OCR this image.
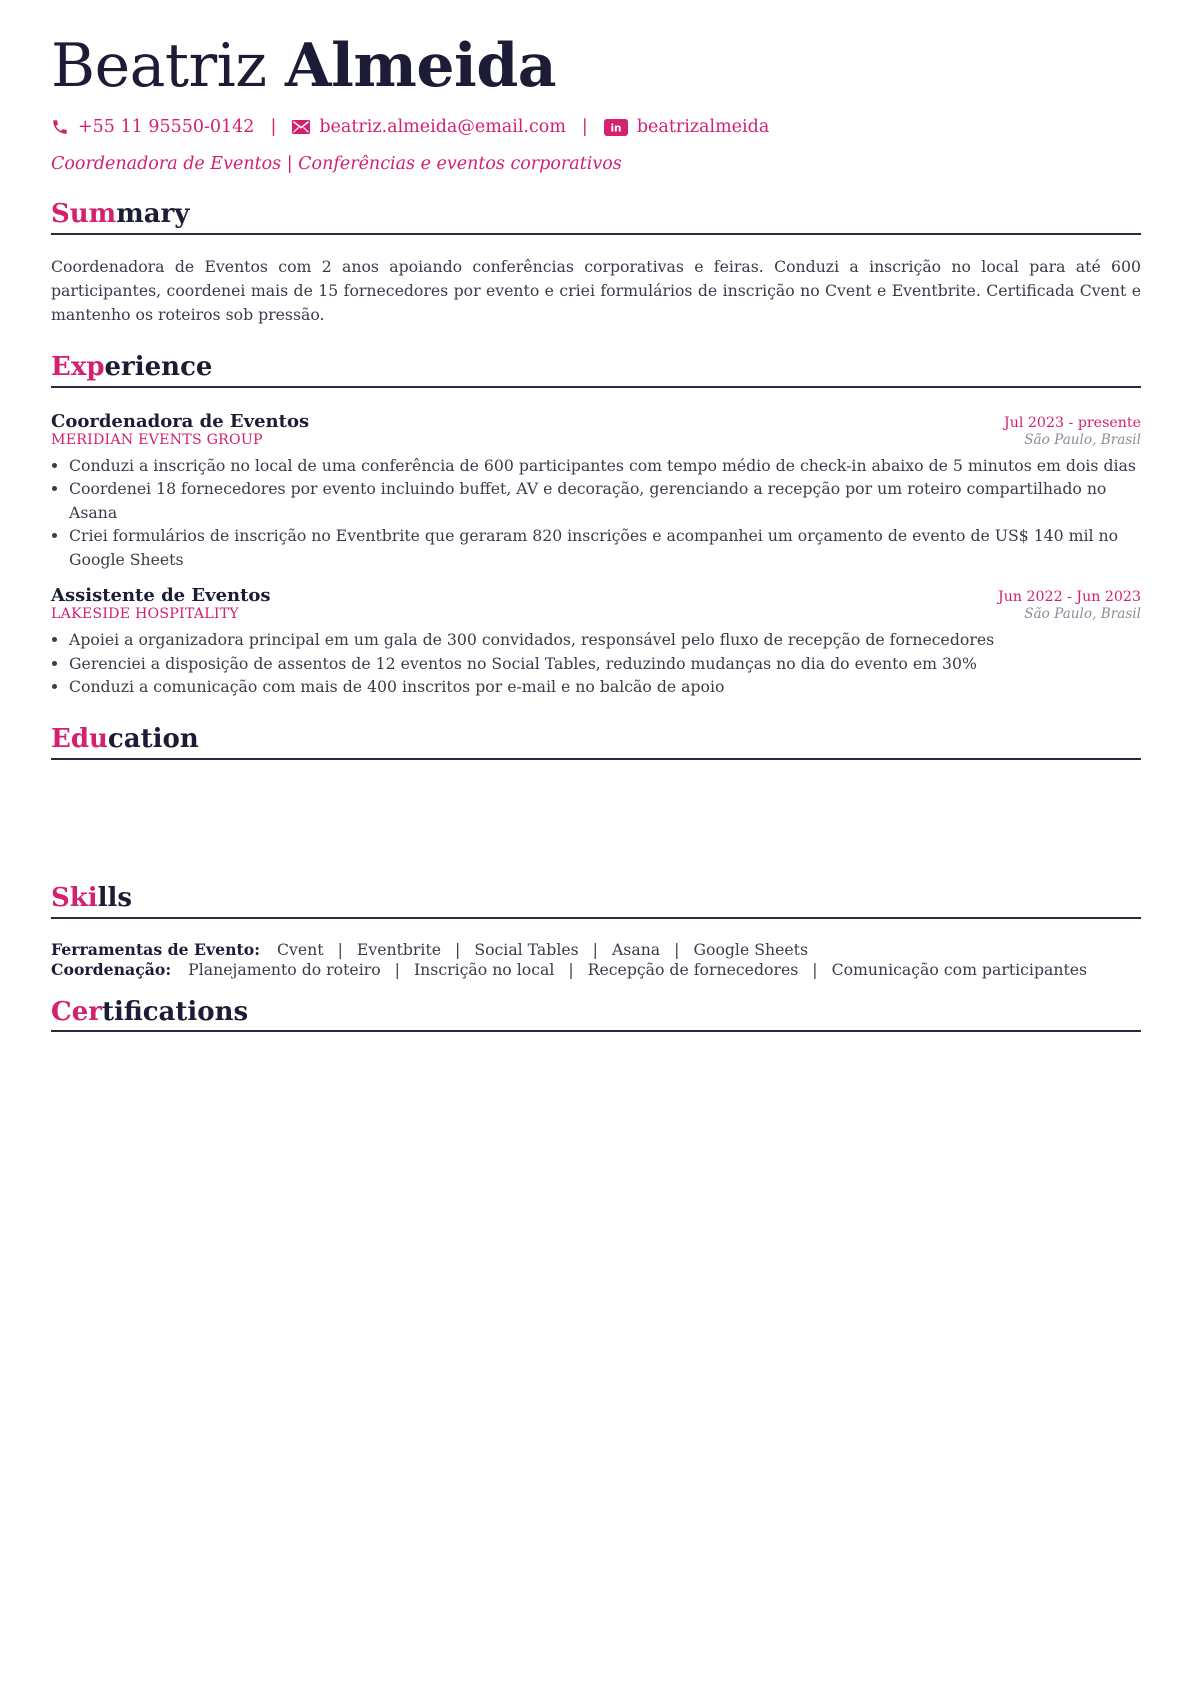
Beatriz Almeida
+55 11 95550-0142 | beatriz.almeida@email.com | in beatrizalmeida
Coordenadora de Eventos | Conferências e eventos corporativos
Summary
Coordenadora de Eventos com 2 anos apoiando conferências corporativas e feiras. Conduzi a inscrição no local para até 600 participantes, coordenei mais de 15 fornecedores por evento e criei formulários de inscrição no Cvent e Eventbrite. Certificada Cvent e mantenho os roteiros sob pressão.
Experience
Coordenadora de Eventos	Jul 2023 - presente
MERIDIAN EVENTS GROUP	São Paulo, Brasil
• Conduzi a inscrição no local de uma conferência de 600 participantes com tempo médio de check-in abaixo de 5 minutos em dois dias
• Coordenei 18 fornecedores por evento incluindo buffet, AV e decoração, gerenciando a recepção por um roteiro compartilhado no Asana
• Criei formulários de inscrição no Eventbrite que geraram 820 inscrições e acompanhei um orçamento de evento de US$ 140 mil no Google Sheets
Assistente de Eventos	Jun 2022 - Jun 2023
LAKESIDE HOSPITALITY	São Paulo, Brasil
• Apoiei a organizadora principal em um gala de 300 convidados, responsável pelo fluxo de recepção de fornecedores
• Gerenciei a disposição de assentos de 12 eventos no Social Tables, reduzindo mudanças no dia do evento em 30%
• Conduzi a comunicação com mais de 400 inscritos por e-mail e no balcão de apoio
Education
Skills
Ferramentas de Evento: Cvent | Eventbrite | Social Tables | Asana | Google Sheets
Coordenação: Planejamento do roteiro | Inscrição no local | Recepção de fornecedores | Comunicação com participantes
Certifications
